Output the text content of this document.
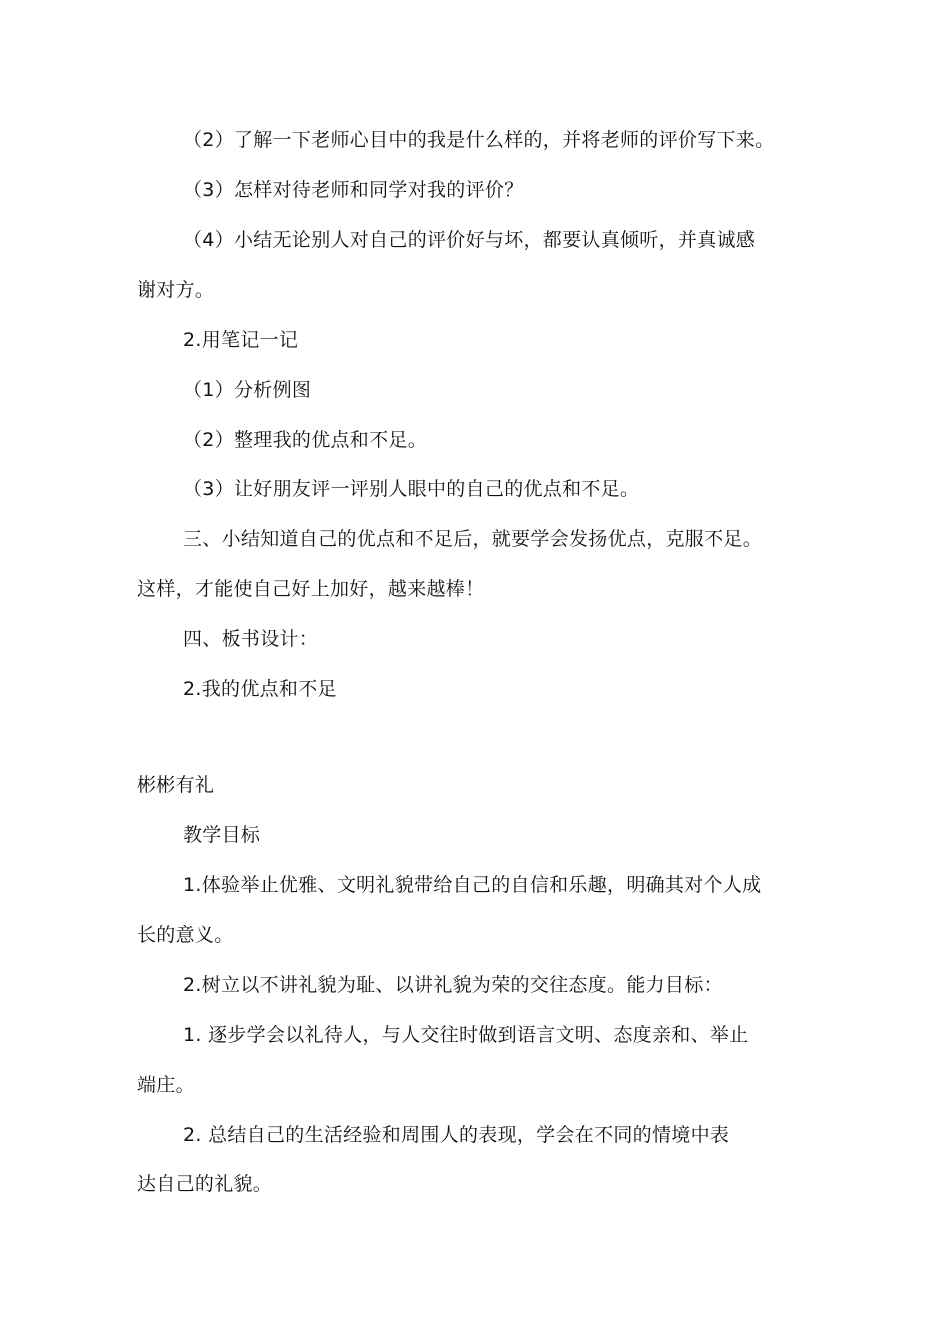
（2）了解一下老师心目中的我是什么样的，并将老师的评价写下来。
（3）怎样对待老师和同学对我的评价？
（4）小结无论别人对自己的评价好与坏，都要认真倾听，并真诚感
谢对方。
2.用笔记一记
（1）分析例图
（2）整理我的优点和不足。
（3）让好朋友评一评别人眼中的自己的优点和不足。
三、小结知道自己的优点和不足后，就要学会发扬优点，克服不足。
这样，才能使自己好上加好，越来越棒！
四、板书设计：
2.我的优点和不足
彬彬有礼
教学目标
1.体验举止优雅、文明礼貌带给自己的自信和乐趣，明确其对个人成
长的意义。
2.树立以不讲礼貌为耻、以讲礼貌为荣的交往态度。能力目标：
1. 逐步学会以礼待人，与人交往时做到语言文明、态度亲和、举止
端庄。
2. 总结自己的生活经验和周围人的表现，学会在不同的情境中表
达自己的礼貌。
